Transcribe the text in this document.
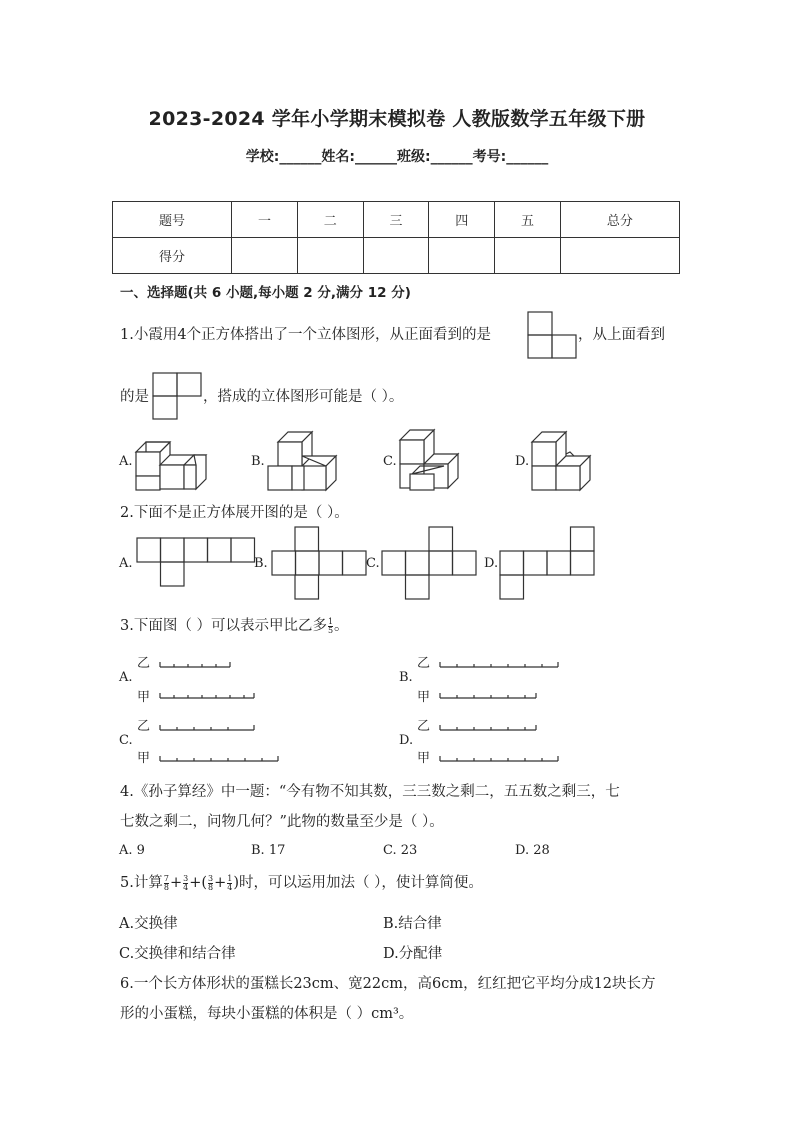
2023-2024 学年小学期末模拟卷 人教版数学五年级下册
学校:______姓名:______班级:______考号:______
题号	一	二	三	四	五	总分
得分						
一、选择题(共 6 小题,每小题 2 分,满分 12 分)
1.小霞用4个正方体搭出了一个立体图形，从正面看到的是	，从上面看到
的是	，搭成的立体图形可能是（ ）。
A.	B.	C.	D.
2.下面不是正方体展开图的是（ ）。
A.	B.	C.	D.
3.下面图（ ）可以表示甲比乙多 $\frac{1}{5}$ 。
乙
A.
甲
乙
B.
甲
乙
C.
甲
乙
D.
甲
4.《孙子算经》中一题：“今有物不知其数，三三数之剩二，五五数之剩三，七
七数之剩二，问物几何？”此物的数量至少是（ ）。
A. 9	B. 17	C. 23	D. 28
5.计算 $\frac{7}{8} + \frac{3}{4}$ +( $\frac{3}{8} + \frac{1}{4}$ )时，可以运用加法（ ），使计算简便。
A.交换律	B.结合律
C.交换律和结合律	D.分配律
6.一个长方体形状的蛋糕长23cm、宽22cm，高6cm，红红把它平均分成12块长方
形的小蛋糕，每块小蛋糕的体积是（ ）cm³。
